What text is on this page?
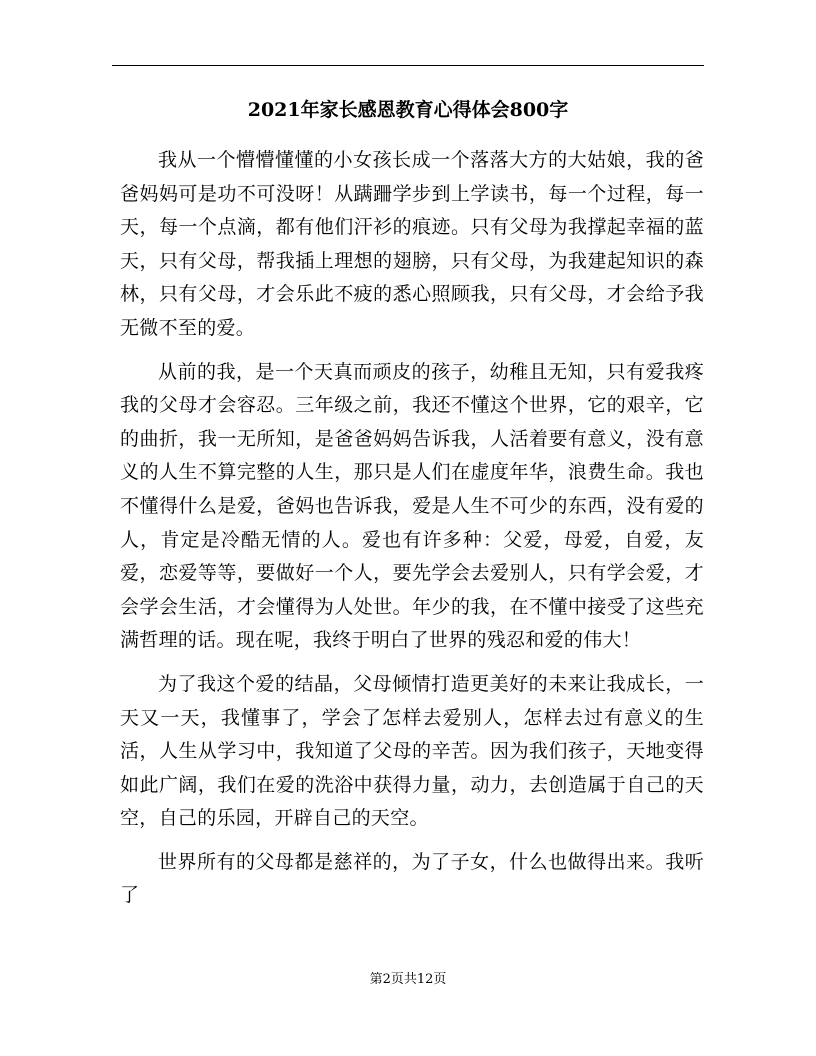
2021年家长感恩教育心得体会800字

我从一个懵懵懂懂的小女孩长成一个落落大方的大姑娘，我的爸爸妈妈可是功不可没呀！从蹒跚学步到上学读书，每一个过程，每一天，每一个点滴，都有他们汗衫的痕迹。只有父母为我撑起幸福的蓝天，只有父母，帮我插上理想的翅膀，只有父母，为我建起知识的森林，只有父母，才会乐此不疲的悉心照顾我，只有父母，才会给予我无微不至的爱。

从前的我，是一个天真而顽皮的孩子，幼稚且无知，只有爱我疼我的父母才会容忍。三年级之前，我还不懂这个世界，它的艰辛，它的曲折，我一无所知，是爸爸妈妈告诉我，人活着要有意义，没有意义的人生不算完整的人生，那只是人们在虚度年华，浪费生命。我也不懂得什么是爱，爸妈也告诉我，爱是人生不可少的东西，没有爱的人，肯定是冷酷无情的人。爱也有许多种：父爱，母爱，自爱，友爱，恋爱等等，要做好一个人，要先学会去爱别人，只有学会爱，才会学会生活，才会懂得为人处世。年少的我，在不懂中接受了这些充满哲理的话。现在呢，我终于明白了世界的残忍和爱的伟大！

为了我这个爱的结晶，父母倾情打造更美好的未来让我成长，一天又一天，我懂事了，学会了怎样去爱别人，怎样去过有意义的生活，人生从学习中，我知道了父母的辛苦。因为我们孩子，天地变得如此广阔，我们在爱的洗浴中获得力量，动力，去创造属于自己的天空，自己的乐园，开辟自己的天空。

世界所有的父母都是慈祥的，为了子女，什么也做得出来。我听了

第2页共12页
